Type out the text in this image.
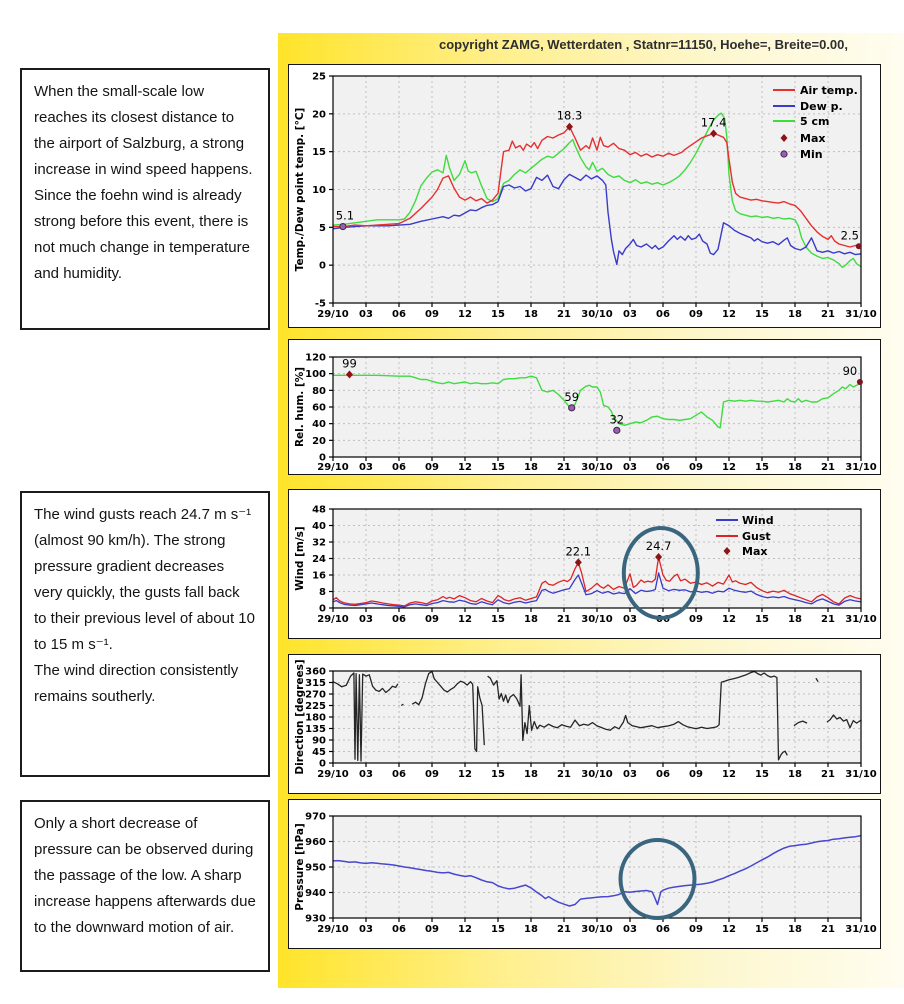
When the small-scale low reaches its closest distance to the airport of Salzburg, a strong increase in wind speed happens.

Since the foehn wind is already strong before this event, there is not much change in temperature and humidity.

The wind gusts reach 24.7 m s⁻¹ (almost 90 km/h). The strong pressure gradient decreases very quickly, the gusts fall back to their previous level of about 10 to 15 m s⁻¹.

The wind direction consistently remains southerly.

Only a short decrease of pressure can be observed during the passage of the low. A sharp increase happens afterwards due to the downward motion of air.

copyright ZAMG, Wetterdaten , Statnr=11150, Hoehe=, Breite=0.00,
-5
0
5
10
15
20
25
29/10 03 06 09 12 15 18 21 30/10 03 06 09 12 15 18 21 31/10
Temp./Dew point temp. [°C]
Air temp.
Dew p.
5 cm
Max
Min
5.1
18.3	17.4
2.5
0
20
40
60
80
100
120
29/10 03 06 09 12 15 18 21 30/10 03 06 09 12 15 18 21 31/10
Rel. hum. [%]
99
59
32
90
0
8
16
24
32
40
48
29/10 03 06 09 12 15 18 21 30/10 03 06 09 12 15 18 21 31/10
Wind [m/s]
Wind
Gust
Max
22.1	24.7
0
45
90
135
180
225
270
315
360
29/10 03 06 09 12 15 18 21 30/10 03 06 09 12 15 18 21 31/10
Direction [degrees]
930
940
950
960
970
29/10 03 06 09 12 15 18 21 30/10 03 06 09 12 15 18 21 31/10
Pressure [hPa]
